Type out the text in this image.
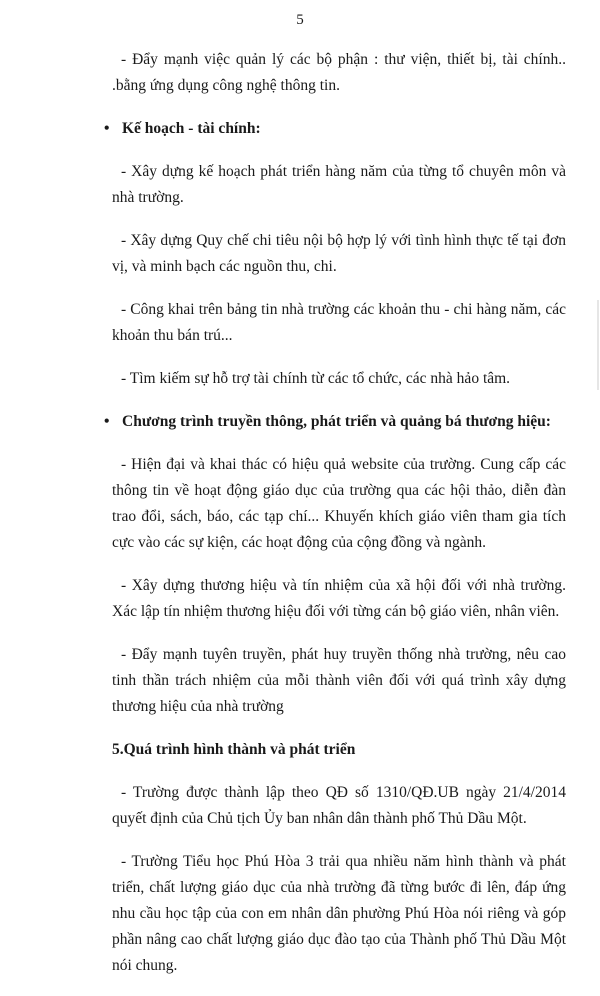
5

- Đẩy mạnh việc quản lý các bộ phận : thư viện, thiết bị, tài chính.. .bằng ứng dụng công nghệ thông tin.

• Kế hoạch - tài chính:

- Xây dựng kế hoạch phát triển hàng năm của từng tổ chuyên môn và nhà trường.

- Xây dựng Quy chế chi tiêu nội bộ hợp lý với tình hình thực tế tại đơn vị, và minh bạch các nguồn thu, chi.

- Công khai trên bảng tin nhà trường các khoản thu - chi hàng năm, các khoản thu bán trú...

- Tìm kiếm sự hỗ trợ tài chính từ các tổ chức, các nhà hảo tâm.

• Chương trình truyền thông, phát triển và quảng bá thương hiệu:

- Hiện đại và khai thác có hiệu quả website của trường. Cung cấp các thông tin về hoạt động giáo dục của trường qua các hội thảo, diễn đàn trao đổi, sách, báo, các tạp chí... Khuyến khích giáo viên tham gia tích cực vào các sự kiện, các hoạt động của cộng đồng và ngành.

- Xây dựng thương hiệu và tín nhiệm của xã hội đối với nhà trường. Xác lập tín nhiệm thương hiệu đối với từng cán bộ giáo viên, nhân viên.

- Đẩy mạnh tuyên truyền, phát huy truyền thống nhà trường, nêu cao tinh thần trách nhiệm của mỗi thành viên đối với quá trình xây dựng thương hiệu của nhà trường

5.Quá trình hình thành và phát triển

- Trường được thành lập theo QĐ số 1310/QĐ.UB ngày 21/4/2014 quyết định của Chủ tịch Ủy ban nhân dân thành phố Thủ Dầu Một.

- Trường Tiểu học Phú Hòa 3 trải qua nhiều năm hình thành và phát triển, chất lượng giáo dục của nhà trường đã từng bước đi lên, đáp ứng nhu cầu học tập của con em nhân dân phường Phú Hòa nói riêng và góp phần nâng cao chất lượng giáo dục đào tạo của Thành phố Thủ Dầu Một nói chung.
